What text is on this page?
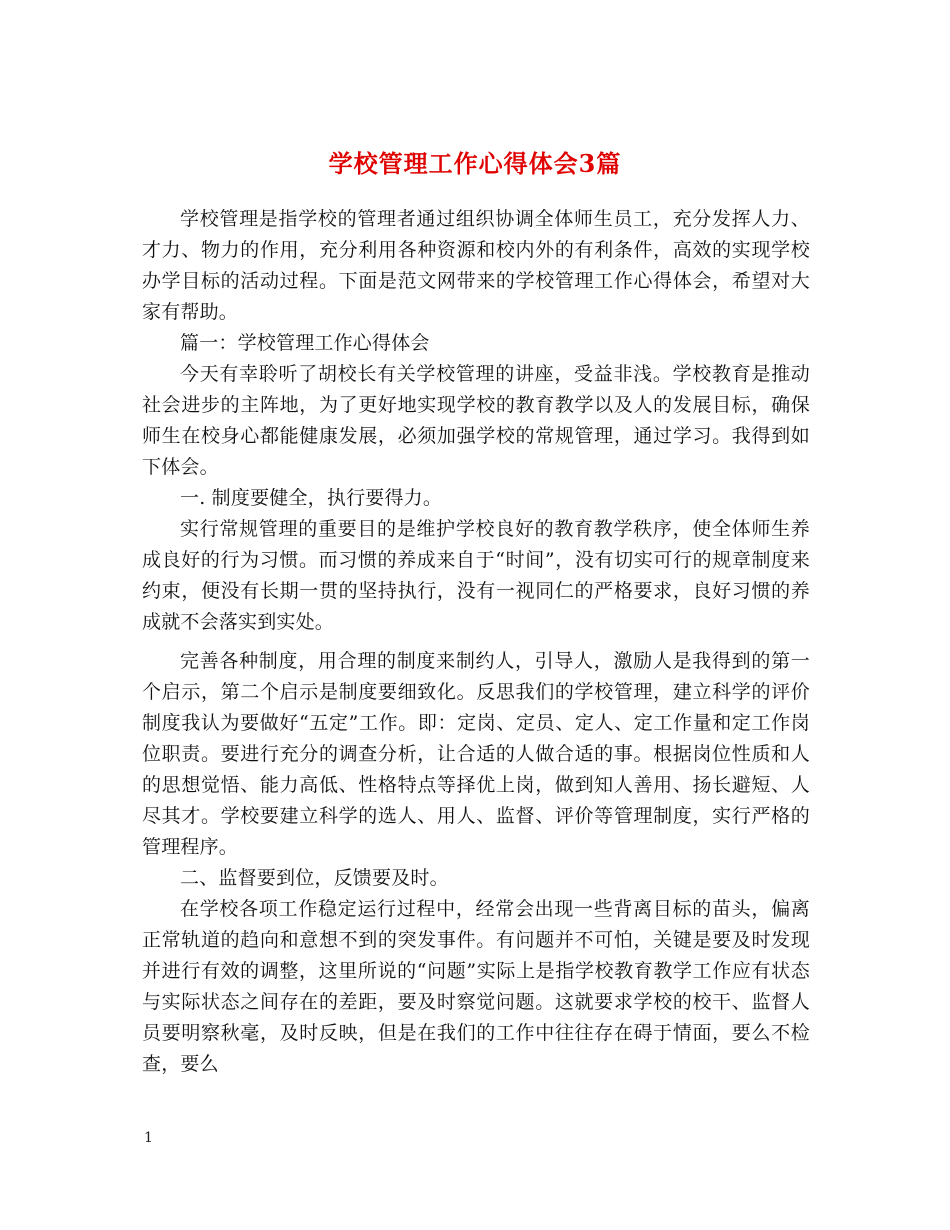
学校管理工作心得体会3篇

学校管理是指学校的管理者通过组织协调全体师生员工，充分发挥人力、才力、物力的作用，充分利用各种资源和校内外的有利条件，高效的实现学校办学目标的活动过程。下面是范文网带来的学校管理工作心得体会，希望对大家有帮助。

篇一：学校管理工作心得体会

今天有幸聆听了胡校长有关学校管理的讲座，受益非浅。学校教育是推动社会进步的主阵地，为了更好地实现学校的教育教学以及人的发展目标，确保师生在校身心都能健康发展，必须加强学校的常规管理，通过学习。我得到如下体会。

一. 制度要健全，执行要得力。

实行常规管理的重要目的是维护学校良好的教育教学秩序，使全体师生养成良好的行为习惯。而习惯的养成来自于“时间”，没有切实可行的规章制度来约束，便没有长期一贯的坚持执行，没有一视同仁的严格要求，良好习惯的养成就不会落实到实处。

完善各种制度，用合理的制度来制约人，引导人，激励人是我得到的第一个启示，第二个启示是制度要细致化。反思我们的学校管理，建立科学的评价制度我认为要做好“五定”工作。即：定岗、定员、定人、定工作量和定工作岗位职责。要进行充分的调查分析，让合适的人做合适的事。根据岗位性质和人的思想觉悟、能力高低、性格特点等择优上岗，做到知人善用、扬长避短、人尽其才。学校要建立科学的选人、用人、监督、评价等管理制度，实行严格的管理程序。

二、监督要到位，反馈要及时。

在学校各项工作稳定运行过程中，经常会出现一些背离目标的苗头，偏离正常轨道的趋向和意想不到的突发事件。有问题并不可怕，关键是要及时发现并进行有效的调整，这里所说的“问题”实际上是指学校教育教学工作应有状态与实际状态之间存在的差距，要及时察觉问题。这就要求学校的校干、监督人员要明察秋毫，及时反映，但是在我们的工作中往往存在碍于情面，要么不检查，要么

1
